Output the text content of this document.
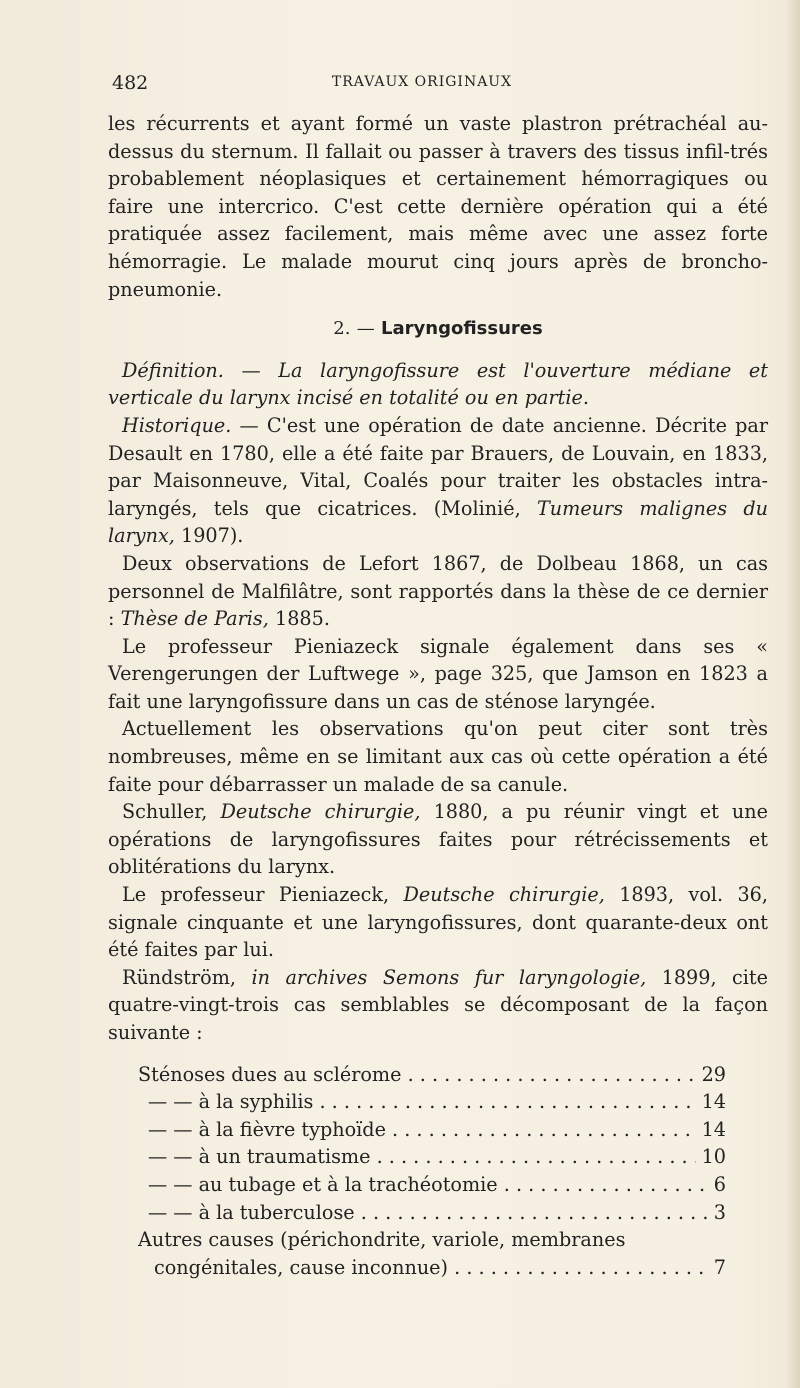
482	TRAVAUX ORIGINAUX

les récurrents et ayant formé un vaste plastron prétrachéal au-dessus du sternum. Il fallait ou passer à travers des tissus infil-trés probablement néoplasiques et certainement hémorragiques ou faire une intercrico. C'est cette dernière opération qui a été pratiquée assez facilement, mais même avec une assez forte hémorragie. Le malade mourut cinq jours après de broncho-pneumonie.

2. — Laryngofissures

Définition. — La laryngofissure est l'ouverture médiane et verticale du larynx incisé en totalité ou en partie.

Historique. — C'est une opération de date ancienne. Décrite par Desault en 1780, elle a été faite par Brauers, de Louvain, en 1833, par Maisonneuve, Vital, Coalés pour traiter les obstacles intra-laryngés, tels que cicatrices. (Molinié, Tumeurs malignes du larynx, 1907).

Deux observations de Lefort 1867, de Dolbeau 1868, un cas personnel de Malfilâtre, sont rapportés dans la thèse de ce dernier : Thèse de Paris, 1885.

Le professeur Pieniazeck signale également dans ses « Verengerungen der Luftwege », page 325, que Jamson en 1823 a fait une laryngofissure dans un cas de sténose laryngée.

Actuellement les observations qu'on peut citer sont très nombreuses, même en se limitant aux cas où cette opération a été faite pour débarrasser un malade de sa canule.

Schuller, Deutsche chirurgie, 1880, a pu réunir vingt et une opérations de laryngofissures faites pour rétrécissements et oblitérations du larynx.

Le professeur Pieniazeck, Deutsche chirurgie, 1893, vol. 36, signale cinquante et une laryngofissures, dont quarante-deux ont été faites par lui.

Ründström, in archives Semons fur laryngologie, 1899, cite quatre-vingt-trois cas semblables se décomposant de la façon suivante :

Sténoses dues au sclérome . . .	29
— — à la syphilis . . .	14
— — à la fièvre typhoïde . . .	14
— — à un traumatisme . . .	10
— — au tubage et à la trachéotomie . . .	6
— — à la tuberculose . . .	3
Autres causes (périchondrite, variole, membranes
congénitales, cause inconnue) . . .	7
